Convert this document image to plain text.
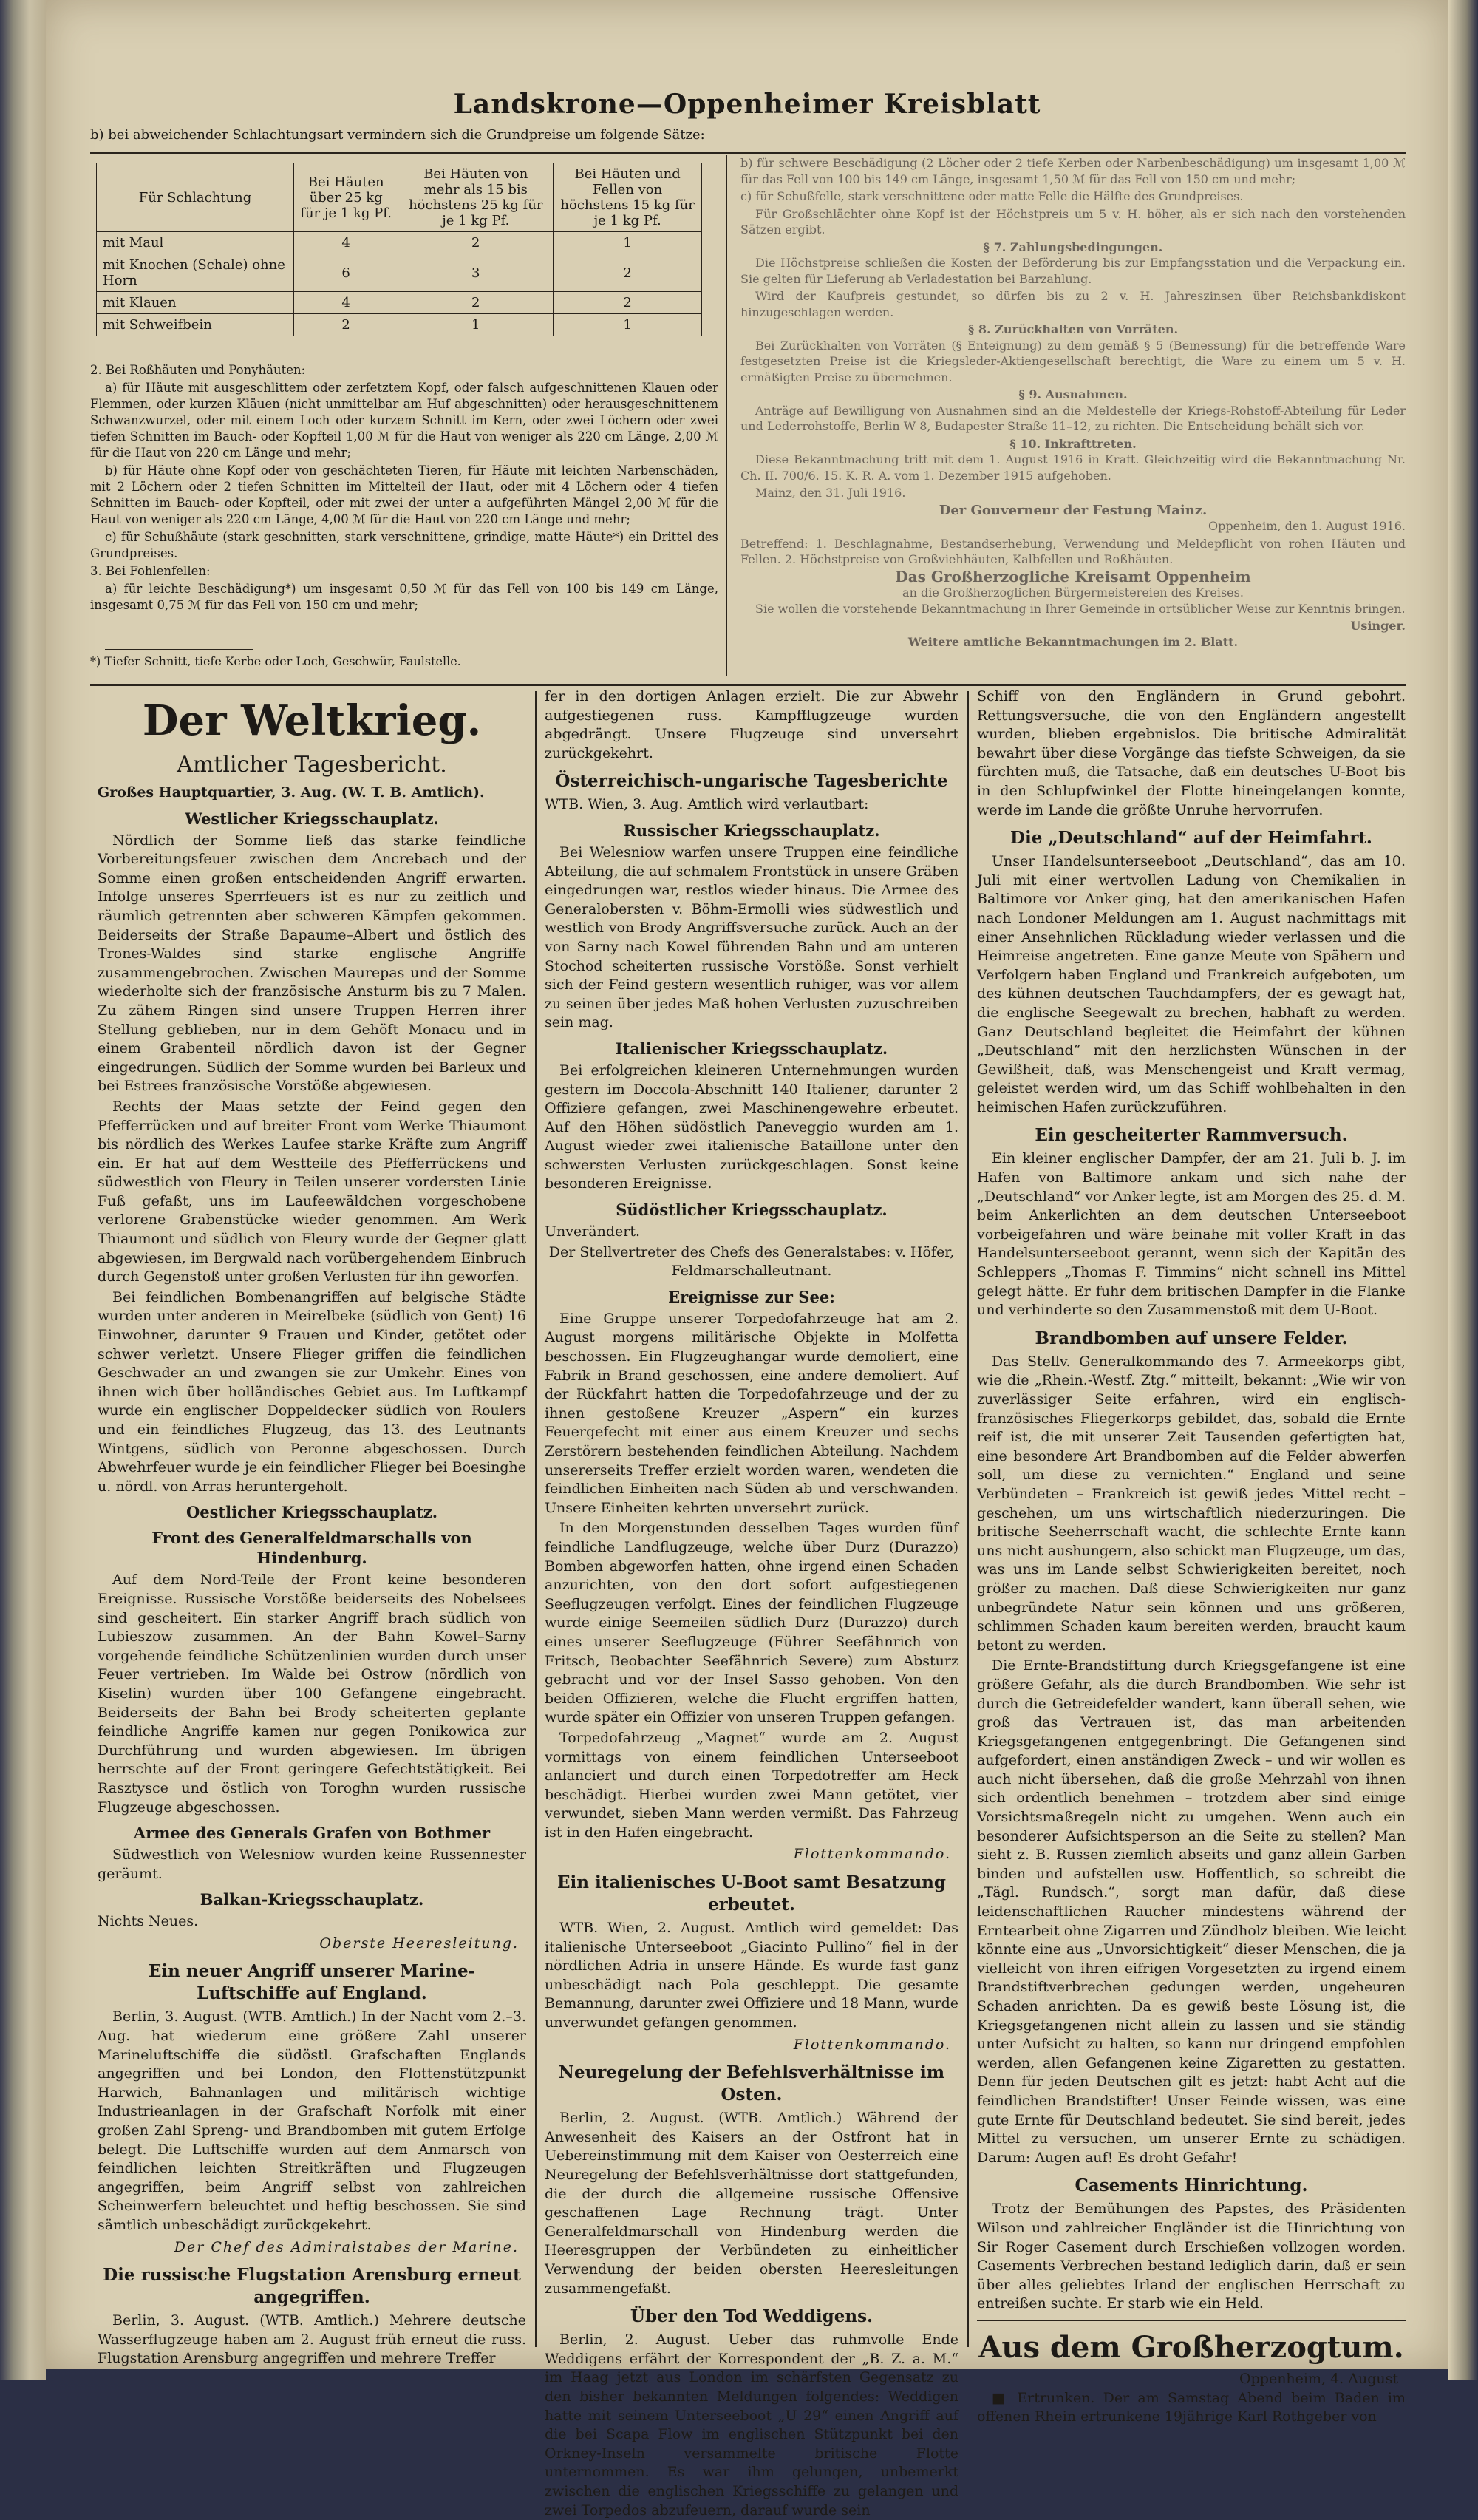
Landskrone—Oppenheimer Kreisblatt
b) bei abweichender Schlachtungsart vermindern sich die Grundpreise um folgende Sätze:
Für Schlachtung	Bei Häuten über 25 kg für je 1 kg Pf.	Bei Häuten von mehr als 15 bis höchstens 25 kg für je 1 kg Pf.	Bei Häuten und Fellen von höchstens 15 kg für je 1 kg Pf.
mit Maul	4	2	1
mit Knochen (Schale) ohne Horn	6	3	2
mit Klauen	4	2	2
mit Schweifbein	2	1	1

2. Bei Roßhäuten und Ponyhäuten:

a) für Häute mit ausgeschlittem oder zerfetztem Kopf, oder falsch aufgeschnittenen Klauen oder Flemmen, oder kurzen Kläuen (nicht unmittelbar am Huf abgeschnitten) oder herausgeschnittenem Schwanzwurzel, oder mit einem Loch oder kurzem Schnitt im Kern, oder zwei Löchern oder zwei tiefen Schnitten im Bauch- oder Kopfteil 1,00 ℳ für die Haut von weniger als 220 cm Länge, 2,00 ℳ für die Haut von 220 cm Länge und mehr;

b) für Häute ohne Kopf oder von geschächteten Tieren, für Häute mit leichten Narbenschäden, mit 2 Löchern oder 2 tiefen Schnitten im Mittelteil der Haut, oder mit 4 Löchern oder 4 tiefen Schnitten im Bauch- oder Kopfteil, oder mit zwei der unter a aufgeführten Mängel 2,00 ℳ für die Haut von weniger als 220 cm Länge, 4,00 ℳ für die Haut von 220 cm Länge und mehr;

c) für Schußhäute (stark geschnitten, stark verschnittene, grindige, matte Häute*) ein Drittel des Grundpreises.

3. Bei Fohlenfellen:

a) für leichte Beschädigung*) um insgesamt 0,50 ℳ für das Fell von 100 bis 149 cm Länge, insgesamt 0,75 ℳ für das Fell von 150 cm und mehr;

*) Tiefer Schnitt, tiefe Kerbe oder Loch, Geschwür, Faulstelle.

b) für schwere Beschädigung (2 Löcher oder 2 tiefe Kerben oder Narbenbeschädigung) um insgesamt 1,00 ℳ für das Fell von 100 bis 149 cm Länge, insgesamt 1,50 ℳ für das Fell von 150 cm und mehr;

c) für Schußfelle, stark verschnittene oder matte Felle die Hälfte des Grundpreises.

Für Großschlächter ohne Kopf ist der Höchstpreis um 5 v. H. höher, als er sich nach den vorstehenden Sätzen ergibt.

§ 7. Zahlungsbedingungen.

Die Höchstpreise schließen die Kosten der Beförderung bis zur Empfangsstation und die Verpackung ein. Sie gelten für Lieferung ab Verladestation bei Barzahlung.

Wird der Kaufpreis gestundet, so dürfen bis zu 2 v. H. Jahreszinsen über Reichsbankdiskont hinzugeschlagen werden.

§ 8. Zurückhalten von Vorräten.

Bei Zurückhalten von Vorräten (§ Enteignung) zu dem gemäß § 5 (Bemessung) für die betreffende Ware festgesetzten Preise ist die Kriegsleder-Aktiengesellschaft berechtigt, die Ware zu einem um 5 v. H. ermäßigten Preise zu übernehmen.

§ 9. Ausnahmen.

Anträge auf Bewilligung von Ausnahmen sind an die Meldestelle der Kriegs-Rohstoff-Abteilung für Leder und Lederrohstoffe, Berlin W 8, Budapester Straße 11–12, zu richten. Die Entscheidung behält sich vor.

§ 10. Inkrafttreten.

Diese Bekanntmachung tritt mit dem 1. August 1916 in Kraft. Gleichzeitig wird die Bekanntmachung Nr. Ch. II. 700/6. 15. K. R. A. vom 1. Dezember 1915 aufgehoben.

Mainz, den 31. Juli 1916.

Der Gouverneur der Festung Mainz.

Oppenheim, den 1. August 1916.

Betreffend: 1. Beschlagnahme, Bestandserhebung, Verwendung und Meldepflicht von rohen Häuten und Fellen. 2. Höchstpreise von Großviehhäuten, Kalbfellen und Roßhäuten.

Das Großherzogliche Kreisamt Oppenheim
an die Großherzoglichen Bürgermeistereien des Kreises.

Sie wollen die vorstehende Bekanntmachung in Ihrer Gemeinde in ortsüblicher Weise zur Kenntnis bringen.

Usinger.
Weitere amtliche Bekanntmachungen im 2. Blatt.
Der Weltkrieg.
Amtlicher Tagesbericht.

Großes Hauptquartier, 3. Aug. (W. T. B. Amtlich).

Westlicher Kriegsschauplatz.

Nördlich der Somme ließ das starke feindliche Vorbereitungsfeuer zwischen dem Ancrebach und der Somme einen großen entscheidenden Angriff erwarten. Infolge unseres Sperrfeuers ist es nur zu zeitlich und räumlich getrennten aber schweren Kämpfen gekommen. Beiderseits der Straße Bapaume–Albert und östlich des Trones-Waldes sind starke englische Angriffe zusammengebrochen. Zwischen Maurepas und der Somme wiederholte sich der französische Ansturm bis zu 7 Malen. Zu zähem Ringen sind unsere Truppen Herren ihrer Stellung geblieben, nur in dem Gehöft Monacu und in einem Grabenteil nördlich davon ist der Gegner eingedrungen. Südlich der Somme wurden bei Barleux und bei Estrees französische Vorstöße abgewiesen.

Rechts der Maas setzte der Feind gegen den Pfefferrücken und auf breiter Front vom Werke Thiaumont bis nördlich des Werkes Laufee starke Kräfte zum Angriff ein. Er hat auf dem Westteile des Pfefferrückens und südwestlich von Fleury in Teilen unserer vordersten Linie Fuß gefaßt, uns im Laufeewäldchen vorgeschobene verlorene Grabenstücke wieder genommen. Am Werk Thiaumont und südlich von Fleury wurde der Gegner glatt abgewiesen, im Bergwald nach vorübergehendem Einbruch durch Gegenstoß unter großen Verlusten für ihn geworfen.

Bei feindlichen Bombenangriffen auf belgische Städte wurden unter anderen in Meirelbeke (südlich von Gent) 16 Einwohner, darunter 9 Frauen und Kinder, getötet oder schwer verletzt. Unsere Flieger griffen die feindlichen Geschwader an und zwangen sie zur Umkehr. Eines von ihnen wich über holländisches Gebiet aus. Im Luftkampf wurde ein englischer Doppeldecker südlich von Roulers und ein feindliches Flugzeug, das 13. des Leutnants Wintgens, südlich von Peronne abgeschossen. Durch Abwehrfeuer wurde je ein feindlicher Flieger bei Boesinghe u. nördl. von Arras heruntergeholt.

Oestlicher Kriegsschauplatz.
Front des Generalfeldmarschalls von Hindenburg.

Auf dem Nord-Teile der Front keine besonderen Ereignisse. Russische Vorstöße beiderseits des Nobelsees sind gescheitert. Ein starker Angriff brach südlich von Lubieszow zusammen. An der Bahn Kowel–Sarny vorgehende feindliche Schützenlinien wurden durch unser Feuer vertrieben. Im Walde bei Ostrow (nördlich von Kiselin) wurden über 100 Gefangene eingebracht. Beiderseits der Bahn bei Brody scheiterten geplante feindliche Angriffe kamen nur gegen Ponikowica zur Durchführung und wurden abgewiesen. Im übrigen herrschte auf der Front geringere Gefechtstätigkeit. Bei Rasztysce und östlich von Toroghn wurden russische Flugzeuge abgeschossen.

Armee des Generals Grafen von Bothmer

Südwestlich von Welesniow wurden keine Russennester geräumt.

Balkan-Kriegsschauplatz.

Nichts Neues.

Oberste Heeresleitung.
Ein neuer Angriff unserer Marine-Luftschiffe auf England.

Berlin, 3. August. (WTB. Amtlich.) In der Nacht vom 2.–3. Aug. hat wiederum eine größere Zahl unserer Marineluftschiffe die südöstl. Grafschaften Englands angegriffen und bei London, den Flottenstützpunkt Harwich, Bahnanlagen und militärisch wichtige Industrieanlagen in der Grafschaft Norfolk mit einer großen Zahl Spreng- und Brandbomben mit gutem Erfolge belegt. Die Luftschiffe wurden auf dem Anmarsch von feindlichen leichten Streitkräften und Flugzeugen angegriffen, beim Angriff selbst von zahlreichen Scheinwerfern beleuchtet und heftig beschossen. Sie sind sämtlich unbeschädigt zurückgekehrt.

Der Chef des Admiralstabes der Marine.
Die russische Flugstation Arensburg erneut angegriffen.

Berlin, 3. August. (WTB. Amtlich.) Mehrere deutsche Wasserflugzeuge haben am 2. August früh erneut die russ. Flugstation Arensburg angegriffen und mehrere Treffer

fer in den dortigen Anlagen erzielt. Die zur Abwehr aufgestiegenen russ. Kampfflugzeuge wurden abgedrängt. Unsere Flugzeuge sind unversehrt zurückgekehrt.

Österreichisch-ungarische Tagesberichte

WTB. Wien, 3. Aug. Amtlich wird verlautbart:

Russischer Kriegsschauplatz.

Bei Welesniow warfen unsere Truppen eine feindliche Abteilung, die auf schmalem Frontstück in unsere Gräben eingedrungen war, restlos wieder hinaus. Die Armee des Generalobersten v. Böhm-Ermolli wies südwestlich und westlich von Brody Angriffsversuche zurück. Auch an der von Sarny nach Kowel führenden Bahn und am unteren Stochod scheiterten russische Vorstöße. Sonst verhielt sich der Feind gestern wesentlich ruhiger, was vor allem zu seinen über jedes Maß hohen Verlusten zuzuschreiben sein mag.

Italienischer Kriegsschauplatz.

Bei erfolgreichen kleineren Unternehmungen wurden gestern im Doccola-Abschnitt 140 Italiener, darunter 2 Offiziere gefangen, zwei Maschinengewehre erbeutet. Auf den Höhen südöstlich Paneveggio wurden am 1. August wieder zwei italienische Bataillone unter den schwersten Verlusten zurückgeschlagen. Sonst keine besonderen Ereignisse.

Südöstlicher Kriegsschauplatz.

Unverändert.

Der Stellvertreter des Chefs des Generalstabes: v. Höfer, Feldmarschalleutnant.
Ereignisse zur See:

Eine Gruppe unserer Torpedofahrzeuge hat am 2. August morgens militärische Objekte in Molfetta beschossen. Ein Flugzeughangar wurde demoliert, eine Fabrik in Brand geschossen, eine andere demoliert. Auf der Rückfahrt hatten die Torpedofahrzeuge und der zu ihnen gestoßene Kreuzer „Aspern“ ein kurzes Feuergefecht mit einer aus einem Kreuzer und sechs Zerstörern bestehenden feindlichen Abteilung. Nachdem unsererseits Treffer erzielt worden waren, wendeten die feindlichen Einheiten nach Süden ab und verschwanden. Unsere Einheiten kehrten unversehrt zurück.

In den Morgenstunden desselben Tages wurden fünf feindliche Landflugzeuge, welche über Durz (Durazzo) Bomben abgeworfen hatten, ohne irgend einen Schaden anzurichten, von den dort sofort aufgestiegenen Seeflugzeugen verfolgt. Eines der feindlichen Flugzeuge wurde einige Seemeilen südlich Durz (Durazzo) durch eines unserer Seeflugzeuge (Führer Seefähnrich von Fritsch, Beobachter Seefähnrich Severe) zum Absturz gebracht und vor der Insel Sasso gehoben. Von den beiden Offizieren, welche die Flucht ergriffen hatten, wurde später ein Offizier von unseren Truppen gefangen.

Torpedofahrzeug „Magnet“ wurde am 2. August vormittags von einem feindlichen Unterseeboot anlanciert und durch einen Torpedotreffer am Heck beschädigt. Hierbei wurden zwei Mann getötet, vier verwundet, sieben Mann werden vermißt. Das Fahrzeug ist in den Hafen eingebracht.

Flottenkommando.
Ein italienisches U-Boot samt Besatzung erbeutet.

WTB. Wien, 2. August. Amtlich wird gemeldet: Das italienische Unterseeboot „Giacinto Pullino“ fiel in der nördlichen Adria in unsere Hände. Es wurde fast ganz unbeschädigt nach Pola geschleppt. Die gesamte Bemannung, darunter zwei Offiziere und 18 Mann, wurde unverwundet gefangen genommen.

Flottenkommando.
Neuregelung der Befehlsverhältnisse im Osten.

Berlin, 2. August. (WTB. Amtlich.) Während der Anwesenheit des Kaisers an der Ostfront hat in Uebereinstimmung mit dem Kaiser von Oesterreich eine Neuregelung der Befehlsverhältnisse dort stattgefunden, die der durch die allgemeine russische Offensive geschaffenen Lage Rechnung trägt. Unter Generalfeldmarschall von Hindenburg werden die Heeresgruppen der Verbündeten zu einheitlicher Verwendung der beiden obersten Heeresleitungen zusammengefaßt.

Über den Tod Weddigens.

Berlin, 2. August. Ueber das ruhmvolle Ende Weddigens erfährt der Korrespondent der „B. Z. a. M.“ im Haag jetzt aus London im schärfsten Gegensatz zu den bisher bekannten Meldungen folgendes: Weddigen hatte mit seinem Unterseeboot „U 29“ einen Angriff auf die bei Scapa Flow im englischen Stützpunkt bei den Orkney-Inseln versammelte britische Flotte unternommen. Es war ihm gelungen, unbemerkt zwischen die englischen Kriegsschiffe zu gelangen und zwei Torpedos abzufeuern, darauf wurde sein

Schiff von den Engländern in Grund gebohrt. Rettungsversuche, die von den Engländern angestellt wurden, blieben ergebnislos. Die britische Admiralität bewahrt über diese Vorgänge das tiefste Schweigen, da sie fürchten muß, die Tatsache, daß ein deutsches U-Boot bis in den Schlupfwinkel der Flotte hineingelangen konnte, werde im Lande die größte Unruhe hervorrufen.

Die „Deutschland“ auf der Heimfahrt.

Unser Handelsunterseeboot „Deutschland“, das am 10. Juli mit einer wertvollen Ladung von Chemikalien in Baltimore vor Anker ging, hat den amerikanischen Hafen nach Londoner Meldungen am 1. August nachmittags mit einer Ansehnlichen Rückladung wieder verlassen und die Heimreise angetreten. Eine ganze Meute von Spähern und Verfolgern haben England und Frankreich aufgeboten, um des kühnen deutschen Tauchdampfers, der es gewagt hat, die englische Seegewalt zu brechen, habhaft zu werden. Ganz Deutschland begleitet die Heimfahrt der kühnen „Deutschland“ mit den herzlichsten Wünschen in der Gewißheit, daß, was Menschengeist und Kraft vermag, geleistet werden wird, um das Schiff wohlbehalten in den heimischen Hafen zurückzuführen.

Ein gescheiterter Rammversuch.

Ein kleiner englischer Dampfer, der am 21. Juli b. J. im Hafen von Baltimore ankam und sich nahe der „Deutschland“ vor Anker legte, ist am Morgen des 25. d. M. beim Ankerlichten an dem deutschen Unterseeboot vorbeigefahren und wäre beinahe mit voller Kraft in das Handelsunterseeboot gerannt, wenn sich der Kapitän des Schleppers „Thomas F. Timmins“ nicht schnell ins Mittel gelegt hätte. Er fuhr dem britischen Dampfer in die Flanke und verhinderte so den Zusammenstoß mit dem U-Boot.

Brandbomben auf unsere Felder.

Das Stellv. Generalkommando des 7. Armeekorps gibt, wie die „Rhein.-Westf. Ztg.“ mitteilt, bekannt: „Wie wir von zuverlässiger Seite erfahren, wird ein englisch-französisches Fliegerkorps gebildet, das, sobald die Ernte reif ist, die mit unserer Zeit Tausenden gefertigten hat, eine besondere Art Brandbomben auf die Felder abwerfen soll, um diese zu vernichten.“ England und seine Verbündeten – Frankreich ist gewiß jedes Mittel recht – geschehen, um uns wirtschaftlich niederzuringen. Die britische Seeherrschaft wacht, die schlechte Ernte kann uns nicht aushungern, also schickt man Flugzeuge, um das, was uns im Lande selbst Schwierigkeiten bereitet, noch größer zu machen. Daß diese Schwierigkeiten nur ganz unbegründete Natur sein können und uns größeren, schlimmen Schaden kaum bereiten werden, braucht kaum betont zu werden.

Die Ernte-Brandstiftung durch Kriegsgefangene ist eine größere Gefahr, als die durch Brandbomben. Wie sehr ist durch die Getreidefelder wandert, kann überall sehen, wie groß das Vertrauen ist, das man arbeitenden Kriegsgefangenen entgegenbringt. Die Gefangenen sind aufgefordert, einen anständigen Zweck – und wir wollen es auch nicht übersehen, daß die große Mehrzahl von ihnen sich ordentlich benehmen – trotzdem aber sind einige Vorsichtsmaßregeln nicht zu umgehen. Wenn auch ein besonderer Aufsichtsperson an die Seite zu stellen? Man sieht z. B. Russen ziemlich abseits und ganz allein Garben binden und aufstellen usw. Hoffentlich, so schreibt die „Tägl. Rundsch.“, sorgt man dafür, daß diese leidenschaftlichen Raucher mindestens während der Erntearbeit ohne Zigarren und Zündholz bleiben. Wie leicht könnte eine aus „Unvorsichtigkeit“ dieser Menschen, die ja vielleicht von ihren eifrigen Vorgesetzten zu irgend einem Brandstiftverbrechen gedungen werden, ungeheuren Schaden anrichten. Da es gewiß beste Lösung ist, die Kriegsgefangenen nicht allein zu lassen und sie ständig unter Aufsicht zu halten, so kann nur dringend empfohlen werden, allen Gefangenen keine Zigaretten zu gestatten. Denn für jeden Deutschen gilt es jetzt: habt Acht auf die feindlichen Brandstifter! Unser Feinde wissen, was eine gute Ernte für Deutschland bedeutet. Sie sind bereit, jedes Mittel zu versuchen, um unserer Ernte zu schädigen. Darum: Augen auf! Es droht Gefahr!

Casements Hinrichtung.

Trotz der Bemühungen des Papstes, des Präsidenten Wilson und zahlreicher Engländer ist die Hinrichtung von Sir Roger Casement durch Erschießen vollzogen worden. Casements Verbrechen bestand lediglich darin, daß er sein über alles geliebtes Irland der englischen Herrschaft zu entreißen suchte. Er starb wie ein Held.

Aus dem Großherzogtum.
Oppenheim, 4. August

■ Ertrunken. Der am Samstag Abend beim Baden im offenen Rhein ertrunkene 19jährige Karl Rothgeber von
